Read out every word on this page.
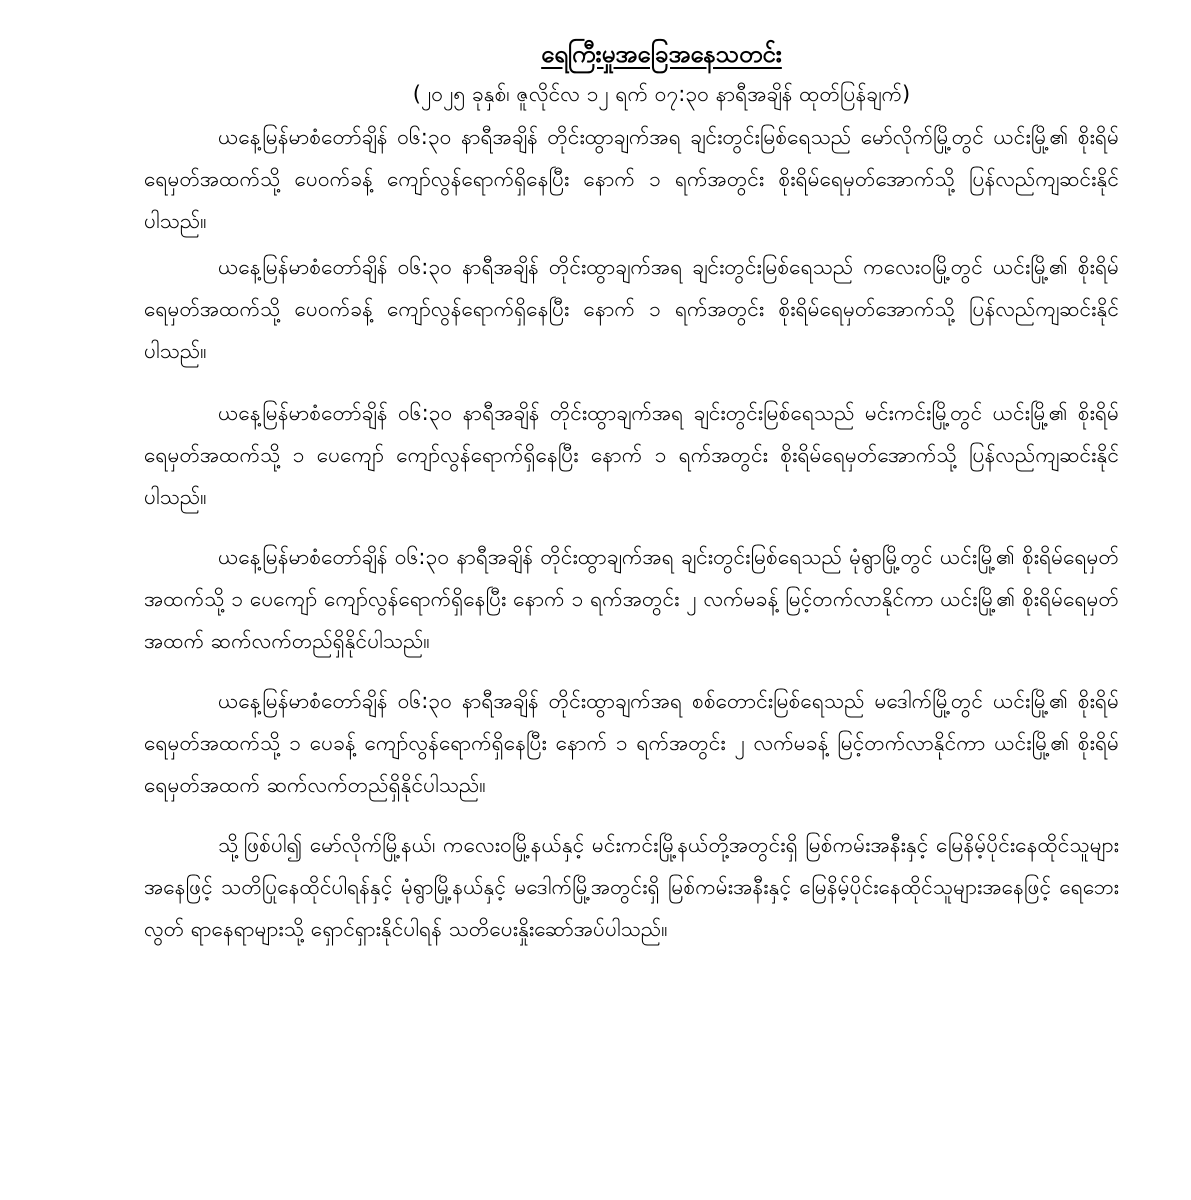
ရေကြီးမှုအခြေအနေသတင်း
(၂၀၂၅ ခုနှစ်၊ ဇူလိုင်လ ၁၂ ရက် ၀၇:၃၀ နာရီအချိန် ထုတ်ပြန်ချက်)

ယနေ့မြန်မာစံတော်ချိန် ၀၆:၃၀ နာရီအချိန် တိုင်းထွာချက်အရ ချင်းတွင်းမြစ်ရေသည် မော်လိုက်မြို့တွင် ယင်းမြို့၏ စိုးရိမ်ရေမှတ်အထက်သို့ ပေ၀က်ခန့် ကျော်လွန်ရောက်ရှိနေပြီး နောက် ၁ ရက်အတွင်း စိုးရိမ်ရေမှတ်အောက်သို့ ပြန်လည်ကျဆင်းနိုင်ပါသည်။

ယနေ့မြန်မာစံတော်ချိန် ၀၆:၃၀ နာရီအချိန် တိုင်းထွာချက်အရ ချင်းတွင်းမြစ်ရေသည် ကလေးဝမြို့တွင် ယင်းမြို့၏ စိုးရိမ်ရေမှတ်အထက်သို့ ပေ၀က်ခန့် ကျော်လွန်ရောက်ရှိနေပြီး နောက် ၁ ရက်အတွင်း စိုးရိမ်ရေမှတ်အောက်သို့ ပြန်လည်ကျဆင်းနိုင်ပါသည်။

ယနေ့မြန်မာစံတော်ချိန် ၀၆:၃၀ နာရီအချိန် တိုင်းထွာချက်အရ ချင်းတွင်းမြစ်ရေသည် မင်းကင်းမြို့တွင် ယင်းမြို့၏ စိုးရိမ်ရေမှတ်အထက်သို့ ၁ ပေကျော် ကျော်လွန်ရောက်ရှိနေပြီး နောက် ၁ ရက်အတွင်း စိုးရိမ်ရေမှတ်အောက်သို့ ပြန်လည်ကျဆင်းနိုင်ပါသည်။

ယနေ့မြန်မာစံတော်ချိန် ၀၆:၃၀ နာရီအချိန် တိုင်းထွာချက်အရ ချင်းတွင်းမြစ်ရေသည် မုံရွာမြို့တွင် ယင်းမြို့၏ စိုးရိမ်ရေမှတ်အထက်သို့ ၁ ပေကျော် ကျော်လွန်ရောက်ရှိနေပြီး နောက် ၁ ရက်အတွင်း ၂ လက်မခန့် မြင့်တက်လာနိုင်ကာ ယင်းမြို့၏ စိုးရိမ်ရေမှတ်အထက် ဆက်လက်တည်ရှိနိုင်ပါသည်။

ယနေ့မြန်မာစံတော်ချိန် ၀၆:၃၀ နာရီအချိန် တိုင်းထွာချက်အရ စစ်တောင်းမြစ်ရေသည် မဒေါက်မြို့တွင် ယင်းမြို့၏ စိုးရိမ်ရေမှတ်အထက်သို့ ၁ ပေခန့် ကျော်လွန်ရောက်ရှိနေပြီး နောက် ၁ ရက်အတွင်း ၂ လက်မခန့် မြင့်တက်လာနိုင်ကာ ယင်းမြို့၏ စိုးရိမ်ရေမှတ်အထက် ဆက်လက်တည်ရှိနိုင်ပါသည်။

သို့ဖြစ်ပါ၍ မော်လိုက်မြို့နယ်၊ ကလေးဝမြို့နယ်နှင့် မင်းကင်းမြို့နယ်တို့အတွင်းရှိ မြစ်ကမ်းအနီးနှင့် မြေနိမ့်ပိုင်းနေထိုင်သူများအနေဖြင့် သတိပြုနေထိုင်ပါရန်နှင့် မုံရွာမြို့နယ်နှင့် မဒေါက်မြို့အတွင်းရှိ မြစ်ကမ်းအနီးနှင့် မြေနိမ့်ပိုင်းနေထိုင်သူများအနေဖြင့် ရေဘေးလွတ် ရာနေရာများသို့ ရှောင်ရှားနိုင်ပါရန် သတိပေးနှိုးဆော်အပ်ပါသည်။
